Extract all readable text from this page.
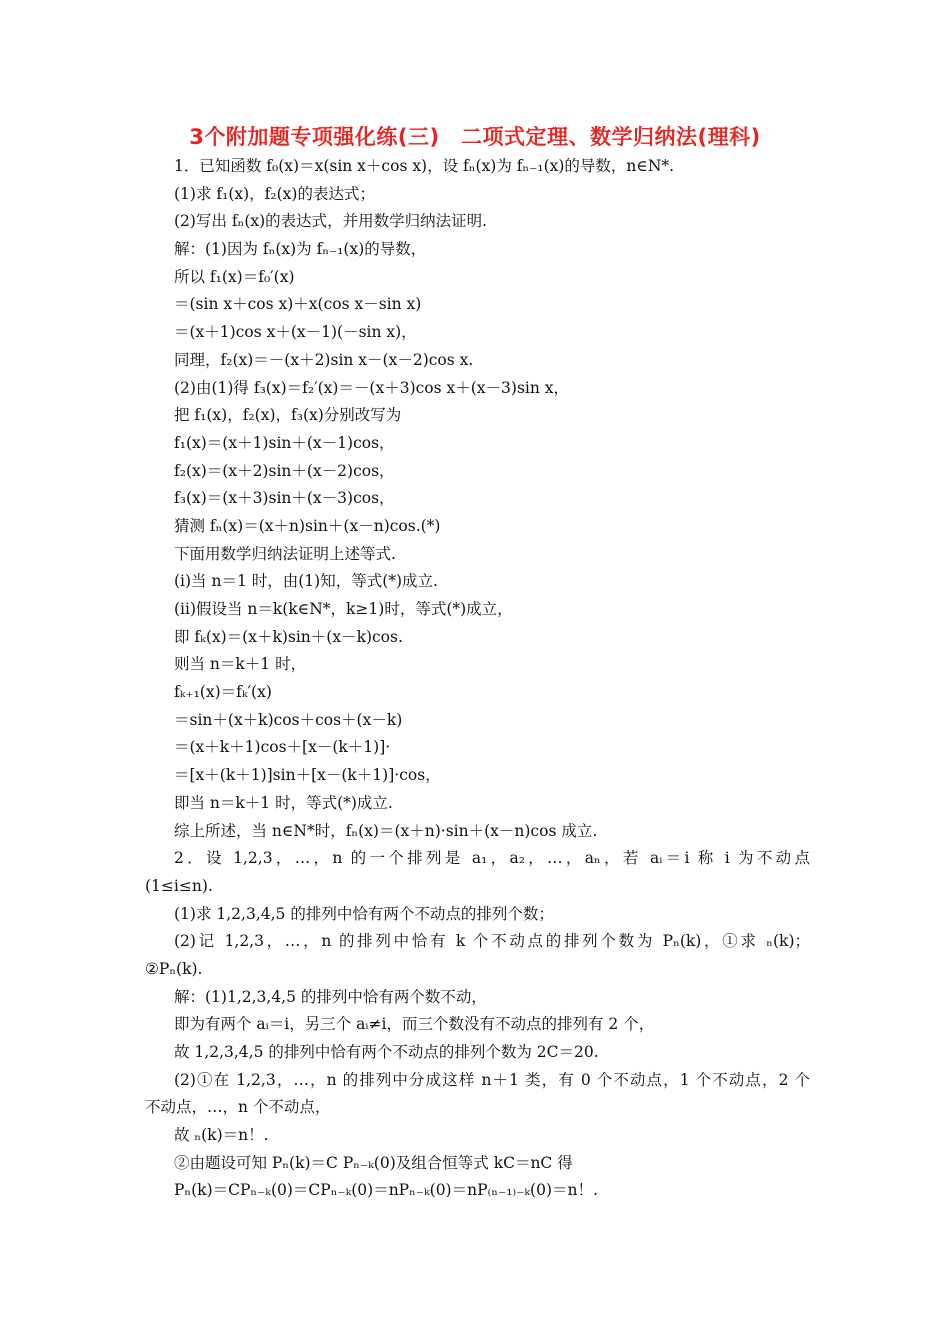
3个附加题专项强化练(三)　二项式定理、数学归纳法(理科)
1．已知函数 f₀(x)＝x(sin x＋cos x)，设 fₙ(x)为 fₙ₋₁(x)的导数，n∈N*.
(1)求 f₁(x)，f₂(x)的表达式；
(2)写出 fₙ(x)的表达式，并用数学归纳法证明.
解：(1)因为 fₙ(x)为 fₙ₋₁(x)的导数，
所以 f₁(x)＝f₀′(x)
＝(sin x＋cos x)＋x(cos x－sin x)
＝(x＋1)cos x＋(x－1)(－sin x)，
同理，f₂(x)＝－(x＋2)sin x－(x－2)cos x.
(2)由(1)得 f₃(x)＝f₂′(x)＝－(x＋3)cos x＋(x－3)sin x，
把 f₁(x)，f₂(x)，f₃(x)分别改写为
f₁(x)＝(x＋1)sin＋(x－1)cos，
f₂(x)＝(x＋2)sin＋(x－2)cos，
f₃(x)＝(x＋3)sin＋(x－3)cos，
猜测 fₙ(x)＝(x＋n)sin＋(x－n)cos.(*)
下面用数学归纳法证明上述等式.
(ⅰ)当 n＝1 时，由(1)知，等式(*)成立.
(ⅱ)假设当 n＝k(k∈N*，k≥1)时，等式(*)成立，
即 fₖ(x)＝(x＋k)sin＋(x－k)cos.
则当 n＝k＋1 时，
fₖ₊₁(x)＝fₖ′(x)
＝sin＋(x＋k)cos＋cos＋(x－k)
＝(x＋k＋1)cos＋[x－(k＋1)]·
＝[x＋(k＋1)]sin＋[x－(k＋1)]·cos，
即当 n＝k＋1 时，等式(*)成立.
综上所述，当 n∈N*时，fₙ(x)＝(x＋n)·sin＋(x－n)cos 成立.
2．设 1,2,3，…，n 的一个排列是 a₁，a₂，…，aₙ，若 aᵢ＝i 称 i 为不动点
(1≤i≤n).
(1)求 1,2,3,4,5 的排列中恰有两个不动点的排列个数；
(2)记 1,2,3，…，n 的排列中恰有 k 个不动点的排列个数为 Pₙ(k)，①求 ₙ(k)；
②Pₙ(k).
解：(1)1,2,3,4,5 的排列中恰有两个数不动，
即为有两个 aᵢ＝i，另三个 aᵢ≠i，而三个数没有不动点的排列有 2 个，
故 1,2,3,4,5 的排列中恰有两个不动点的排列个数为 2C＝20.
(2)①在 1,2,3，…，n 的排列中分成这样 n＋1 类，有 0 个不动点，1 个不动点，2 个
不动点，…，n 个不动点，
故 ₙ(k)＝n！.
②由题设可知 Pₙ(k)＝C Pₙ₋ₖ(0)及组合恒等式 kC＝nC 得
Pₙ(k)＝CPₙ₋ₖ(0)＝CPₙ₋ₖ(0)＝nPₙ₋ₖ(0)＝nP₍ₙ₋₁₎₋ₖ(0)＝n！.
